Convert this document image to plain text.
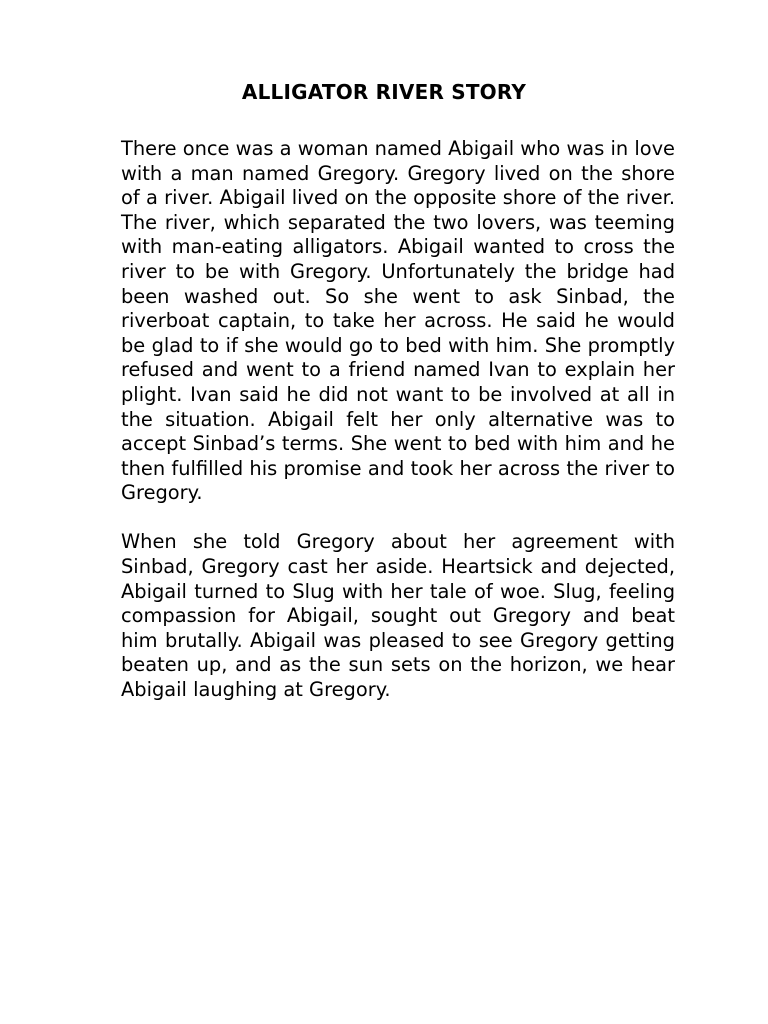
ALLIGATOR RIVER STORY

There once was a woman named Abigail who was in love with a man named Gregory. Gregory lived on the shore of a river. Abigail lived on the opposite shore of the river. The river, which separated the two lovers, was teeming with man-eating alligators. Abigail wanted to cross the river to be with Gregory. Unfortunately the bridge had been washed out. So she went to ask Sinbad, the riverboat captain, to take her across. He said he would be glad to if she would go to bed with him. She promptly refused and went to a friend named Ivan to explain her plight. Ivan said he did not want to be involved at all in the situation. Abigail felt her only alternative was to accept Sinbad’s terms. She went to bed with him and he then fulfilled his promise and took her across the river to Gregory.

When she told Gregory about her agreement with Sinbad, Gregory cast her aside. Heartsick and dejected, Abigail turned to Slug with her tale of woe. Slug, feeling compassion for Abigail, sought out Gregory and beat him brutally. Abigail was pleased to see Gregory getting beaten up, and as the sun sets on the horizon, we hear Abigail laughing at Gregory.
